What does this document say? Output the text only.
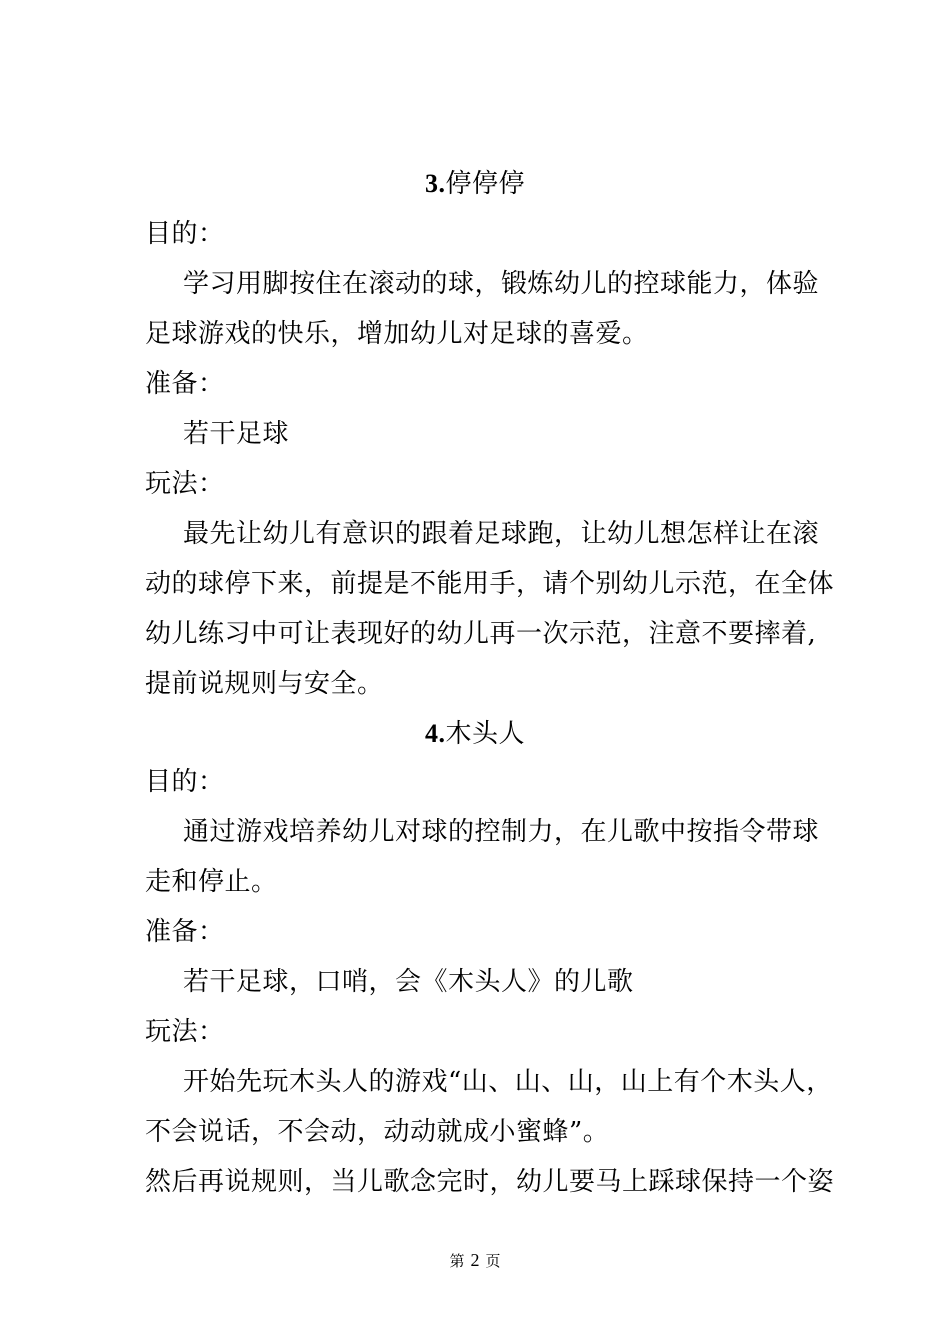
3.停停停
目的：
学习用脚按住在滚动的球，锻炼幼儿的控球能力，体验
足球游戏的快乐，增加幼儿对足球的喜爱。
准备：
若干足球
玩法：
最先让幼儿有意识的跟着足球跑，让幼儿想怎样让在滚
动的球停下来，前提是不能用手，请个别幼儿示范，在全体
幼儿练习中可让表现好的幼儿再一次示范，注意不要摔着,
提前说规则与安全。
4.木头人
目的：
通过游戏培养幼儿对球的控制力，在儿歌中按指令带球
走和停止。
准备：
若干足球，口哨，会《木头人》的儿歌
玩法：
开始先玩木头人的游戏“山、山、山，山上有个木头人，
不会说话，不会动，动动就成小蜜蜂”。
然后再说规则，当儿歌念完时，幼儿要马上踩球保持一个姿
第 2 页
